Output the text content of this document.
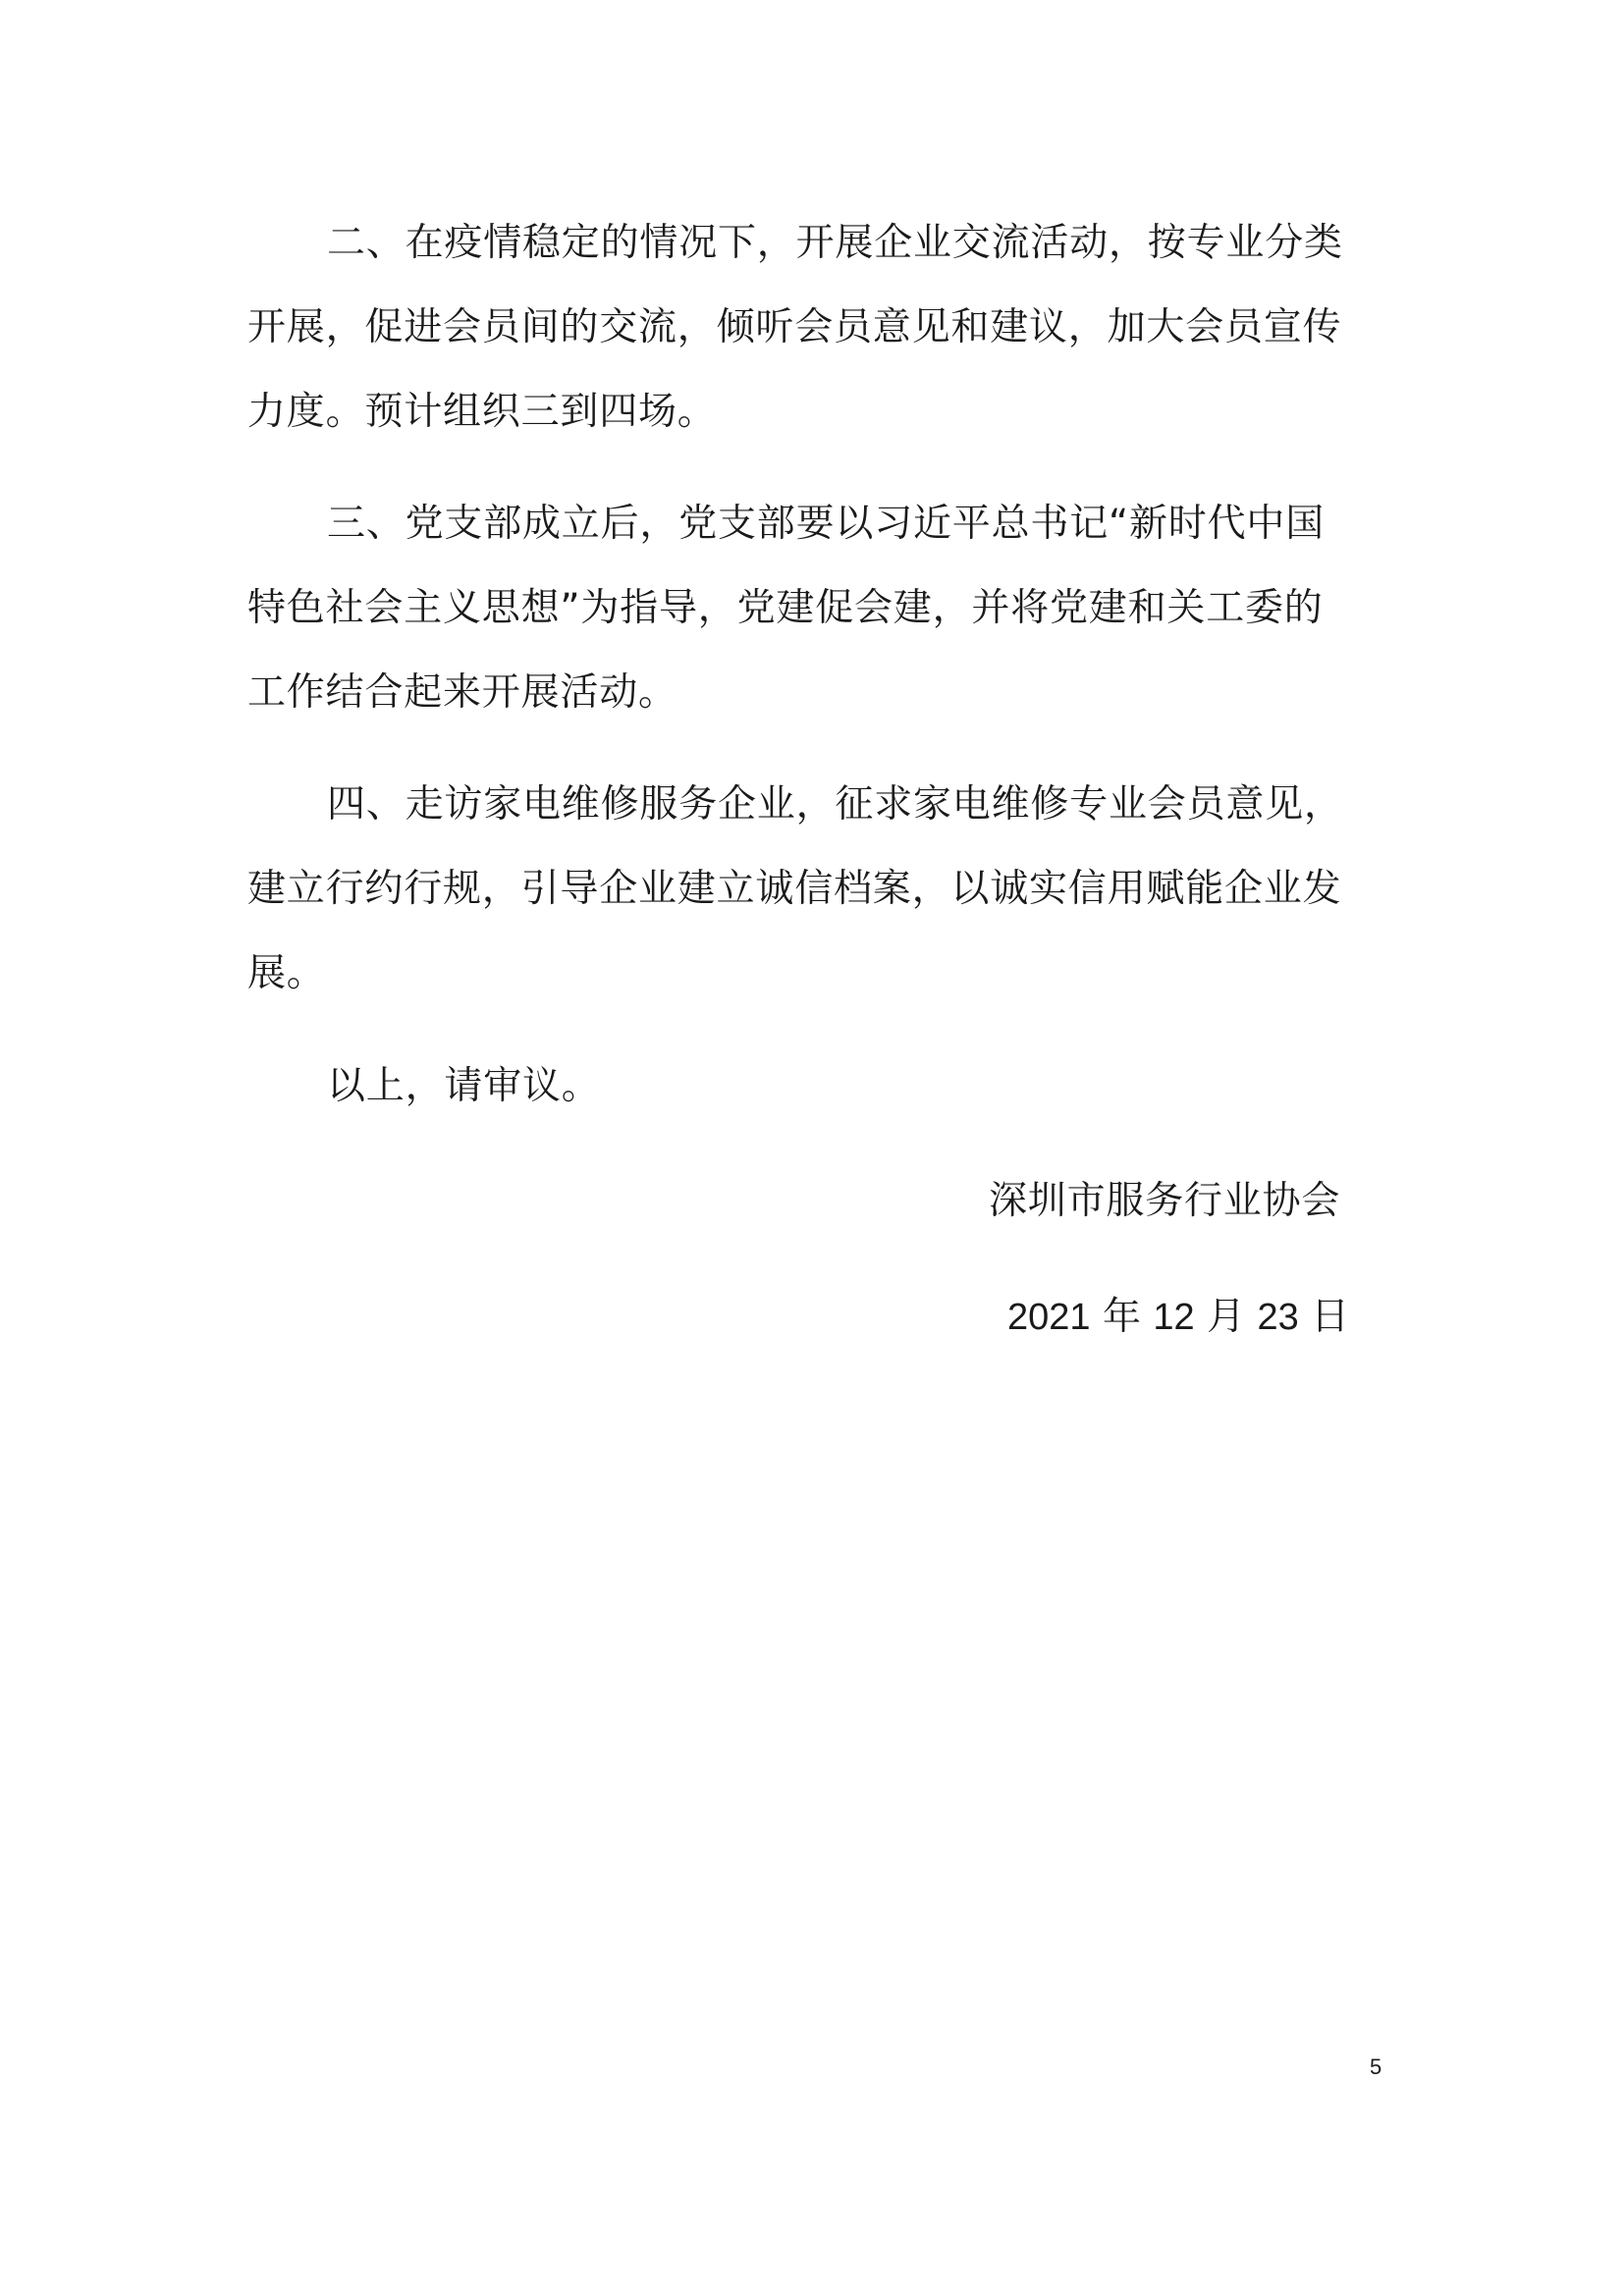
二、在疫情稳定的情况下，开展企业交流活动，按专业分类
开展，促进会员间的交流，倾听会员意见和建议，加大会员宣传
力度。预计组织三到四场。
三、党支部成立后，党支部要以习近平总书记“新时代中国
特色社会主义思想”为指导，党建促会建，并将党建和关工委的
工作结合起来开展活动。
四、走访家电维修服务企业，征求家电维修专业会员意见，
建立行约行规，引导企业建立诚信档案，以诚实信用赋能企业发
展。
以上，请审议。
深圳市服务行业协会
2021 年 12 月 23 日
5
